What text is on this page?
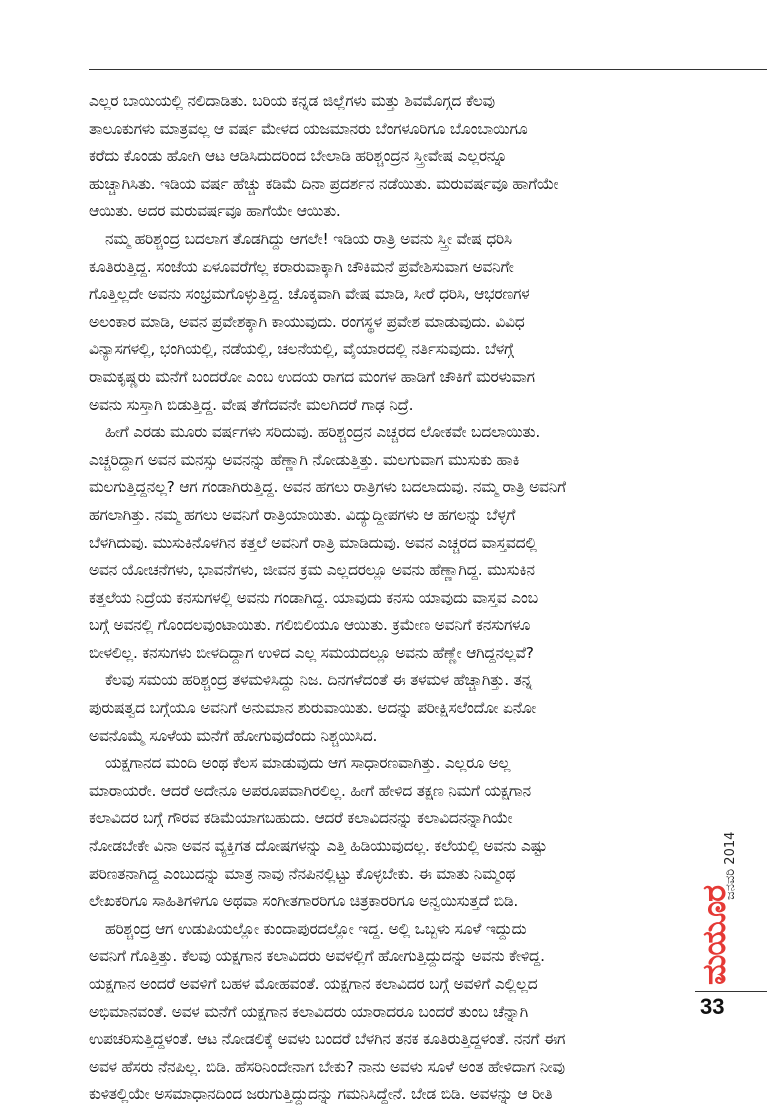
ಎಲ್ಲರ ಬಾಯಿಯಲ್ಲಿ ನಲಿದಾಡಿತು. ಬರಿಯ ಕನ್ನಡ ಜಿಲ್ಲೆಗಳು ಮತ್ತು ಶಿವಮೊಗ್ಗದ ಕೆಲವು
ತಾಲೂಕುಗಳು ಮಾತ್ರವಲ್ಲ ಆ ವರ್ಷ ಮೇಳದ ಯಜಮಾನರು ಬೆಂಗಳೂರಿಗೂ ಬೊಂಬಾಯಿಗೂ
ಕರೆದು ಕೊಂಡು ಹೋಗಿ ಆಟ ಆಡಿಸಿದುದರಿಂದ ಬೇಲಾಡಿ ಹರಿಶ್ಚಂದ್ರನ ಸ್ತ್ರೀವೇಷ ಎಲ್ಲರನ್ನೂ
ಹುಚ್ಚಾಗಿಸಿತು. ಇಡಿಯ ವರ್ಷ ಹೆಚ್ಚು ಕಡಿಮೆ ದಿನಾ ಪ್ರದರ್ಶನ ನಡೆಯಿತು. ಮರುವರ್ಷವೂ ಹಾಗೆಯೇ
ಆಯಿತು. ಅದರ ಮರುವರ್ಷವೂ ಹಾಗೆಯೇ ಆಯಿತು.
ನಮ್ಮ ಹರಿಶ್ಚಂದ್ರ ಬದಲಾಗ ತೊಡಗಿದ್ದು ಆಗಲೇ! ಇಡಿಯ ರಾತ್ರಿ ಅವನು ಸ್ತ್ರೀ ವೇಷ ಧರಿಸಿ
ಕೂತಿರುತ್ತಿದ್ದ. ಸಂಜೆಯ ಏಳೂವರೆಗೆಲ್ಲ ಕರಾರುವಾಕ್ಕಾಗಿ ಚೌಕಿಮನೆ ಪ್ರವೇಶಿಸುವಾಗ ಅವನಿಗೇ
ಗೊತ್ತಿಲ್ಲದೇ ಅವನು ಸಂಭ್ರಮಗೊಳ್ಳುತ್ತಿದ್ದ. ಚೊಕ್ಕವಾಗಿ ವೇಷ ಮಾಡಿ, ಸೀರೆ ಧರಿಸಿ, ಆಭರಣಗಳ
ಅಲಂಕಾರ ಮಾಡಿ, ಅವನ ಪ್ರವೇಶಕ್ಕಾಗಿ ಕಾಯುವುದು. ರಂಗಸ್ಥಳ ಪ್ರವೇಶ ಮಾಡುವುದು. ವಿವಿಧ
ವಿನ್ಯಾಸಗಳಲ್ಲಿ, ಭಂಗಿಯಲ್ಲಿ, ನಡೆಯಲ್ಲಿ, ಚಲನೆಯಲ್ಲಿ, ವೈಯಾರದಲ್ಲಿ ನರ್ತಿಸುವುದು. ಬೆಳಗ್ಗೆ
ರಾಮಕೃಷ್ಣರು ಮನೆಗೆ ಬಂದರೋ ಎಂಬ ಉದಯ ರಾಗದ ಮಂಗಳ ಹಾಡಿಗೆ ಚೌಕಿಗೆ ಮರಳುವಾಗ
ಅವನು ಸುಸ್ತಾಗಿ ಬಿಡುತ್ತಿದ್ದ. ವೇಷ ತೆಗೆದವನೇ ಮಲಗಿದರೆ ಗಾಢ ನಿದ್ರೆ.
ಹೀಗೆ ಎರಡು ಮೂರು ವರ್ಷಗಳು ಸರಿದುವು. ಹರಿಶ್ಚಂದ್ರನ ಎಚ್ಚರದ ಲೋಕವೇ ಬದಲಾಯಿತು.
ಎಚ್ಚರಿದ್ದಾಗ ಅವನ ಮನಸ್ಸು ಅವನನ್ನು ಹೆಣ್ಣಾಗಿ ನೋಡುತ್ತಿತ್ತು. ಮಲಗುವಾಗ ಮುಸುಕು ಹಾಕಿ
ಮಲಗುತ್ತಿದ್ದನಲ್ಲ? ಆಗ ಗಂಡಾಗಿರುತ್ತಿದ್ದ. ಅವನ ಹಗಲು ರಾತ್ರಿಗಳು ಬದಲಾದುವು. ನಮ್ಮ ರಾತ್ರಿ ಅವನಿಗೆ
ಹಗಲಾಗಿತ್ತು. ನಮ್ಮ ಹಗಲು ಅವನಿಗೆ ರಾತ್ರಿಯಾಯಿತು. ವಿದ್ಯುದ್ದೀಪಗಳು ಆ ಹಗಲನ್ನು ಬೆಳ್ಳಗೆ
ಬೆಳಗಿದುವು. ಮುಸುಕಿನೊಳಗಿನ ಕತ್ತಲೆ ಅವನಿಗೆ ರಾತ್ರಿ ಮಾಡಿದುವು. ಅವನ ಎಚ್ಚರದ ವಾಸ್ತವದಲ್ಲಿ
ಅವನ ಯೋಚನೆಗಳು, ಭಾವನೆಗಳು, ಜೀವನ ಕ್ರಮ ಎಲ್ಲದರಲ್ಲೂ ಅವನು ಹೆಣ್ಣಾಗಿದ್ದ. ಮುಸುಕಿನ
ಕತ್ತಲೆಯ ನಿದ್ರೆಯ ಕನಸುಗಳಲ್ಲಿ ಅವನು ಗಂಡಾಗಿದ್ದ. ಯಾವುದು ಕನಸು ಯಾವುದು ವಾಸ್ತವ ಎಂಬ
ಬಗ್ಗೆ ಅವನಲ್ಲಿ ಗೊಂದಲವುಂಟಾಯಿತು. ಗಲಿಬಿಲಿಯೂ ಆಯಿತು. ಕ್ರಮೇಣ ಅವನಿಗೆ ಕನಸುಗಳೂ
ಬೀಳಲಿಲ್ಲ. ಕನಸುಗಳು ಬೀಳದಿದ್ದಾಗ ಉಳಿದ ಎಲ್ಲ ಸಮಯದಲ್ಲೂ ಅವನು ಹೆಣ್ಣೇ ಆಗಿದ್ದನಲ್ಲವೆ?
ಕೆಲವು ಸಮಯ ಹರಿಶ್ಚಂದ್ರ ತಳಮಳಿಸಿದ್ದು ನಿಜ. ದಿನಗಳೆದಂತೆ ಈ ತಳಮಳ ಹೆಚ್ಚಾಗಿತ್ತು. ತನ್ನ
ಪುರುಷತ್ವದ ಬಗ್ಗೆಯೂ ಅವನಿಗೆ ಅನುಮಾನ ಶುರುವಾಯಿತು. ಅದನ್ನು ಪರೀಕ್ಷಿಸಲೆಂದೋ ಏನೋ
ಅವನೊಮ್ಮೆ ಸೂಳೆಯ ಮನೆಗೆ ಹೋಗುವುದೆಂದು ನಿಶ್ಚಯಿಸಿದ.
ಯಕ್ಷಗಾನದ ಮಂದಿ ಅಂಥ ಕೆಲಸ ಮಾಡುವುದು ಆಗ ಸಾಧಾರಣವಾಗಿತ್ತು. ಎಲ್ಲರೂ ಅಲ್ಲ
ಮಾರಾಯರೇ. ಆದರೆ ಅದೇನೂ ಅಪರೂಪವಾಗಿರಲಿಲ್ಲ. ಹೀಗೆ ಹೇಳಿದ ತಕ್ಷಣ ನಿಮಗೆ ಯಕ್ಷಗಾನ
ಕಲಾವಿದರ ಬಗ್ಗೆ ಗೌರವ ಕಡಿಮೆಯಾಗಬಹುದು. ಆದರೆ ಕಲಾವಿದನನ್ನು ಕಲಾವಿದನನ್ನಾಗಿಯೇ
ನೋಡಬೇಕೇ ವಿನಾ ಅವನ ವ್ಯಕ್ತಿಗತ ದೋಷಗಳನ್ನು ಎತ್ತಿ ಹಿಡಿಯುವುದಲ್ಲ. ಕಲೆಯಲ್ಲಿ ಅವನು ಎಷ್ಟು
ಪರಿಣತನಾಗಿದ್ದ ಎಂಬುದನ್ನು ಮಾತ್ರ ನಾವು ನೆನಪಿನಲ್ಲಿಟ್ಟು ಕೊಳ್ಳಬೇಕು. ಈ ಮಾತು ನಿಮ್ಮಂಥ
ಲೇಖಕರಿಗೂ ಸಾಹಿತಿಗಳಿಗೂ ಅಥವಾ ಸಂಗೀತಗಾರರಿಗೂ ಚಿತ್ರಕಾರರಿಗೂ ಅನ್ವಯಿಸುತ್ತದೆ ಬಿಡಿ.
ಹರಿಶ್ಚಂದ್ರ ಆಗ ಉಡುಪಿಯಲ್ಲೋ ಕುಂದಾಪುರದಲ್ಲೋ ಇದ್ದ. ಅಲ್ಲಿ ಒಬ್ಬಳು ಸೂಳೆ ಇದ್ದುದು
ಅವನಿಗೆ ಗೊತ್ತಿತ್ತು. ಕೆಲವು ಯಕ್ಷಗಾನ ಕಲಾವಿದರು ಅವಳಲ್ಲಿಗೆ ಹೋಗುತ್ತಿದ್ದುದನ್ನು ಅವನು ಕೇಳಿದ್ದ.
ಯಕ್ಷಗಾನ ಅಂದರೆ ಅವಳಿಗೆ ಬಹಳ ಮೋಹವಂತೆ. ಯಕ್ಷಗಾನ ಕಲಾವಿದರ ಬಗ್ಗೆ ಅವಳಿಗೆ ಎಲ್ಲಿಲ್ಲದ
ಅಭಿಮಾನವಂತೆ. ಅವಳ ಮನೆಗೆ ಯಕ್ಷಗಾನ ಕಲಾವಿದರು ಯಾರಾದರೂ ಬಂದರೆ ತುಂಬ ಚೆನ್ನಾಗಿ
ಉಪಚರಿಸುತ್ತಿದ್ದಳಂತೆ. ಆಟ ನೋಡಲಿಕ್ಕೆ ಅವಳು ಬಂದರೆ ಬೆಳಗಿನ ತನಕ ಕೂತಿರುತ್ತಿದ್ದಳಂತೆ. ನನಗೆ ಈಗ
ಅವಳ ಹೆಸರು ನೆನಪಿಲ್ಲ. ಬಿಡಿ. ಹೆಸರಿನಿಂದೇನಾಗ ಬೇಕು? ನಾನು ಅವಳು ಸೂಳೆ ಅಂತ ಹೇಳಿದಾಗ ನೀವು
ಕುಳಿತಲ್ಲಿಯೇ ಅಸಮಾಧಾನದಿಂದ ಜರುಗುತ್ತಿದ್ದುದನ್ನು ಗಮನಿಸಿದ್ದೇನೆ. ಬೇಡ ಬಿಡಿ. ಅವಳನ್ನು ಆ ರೀತಿ
ಜನವರಿ 2014
ಮಯೂರ
33
